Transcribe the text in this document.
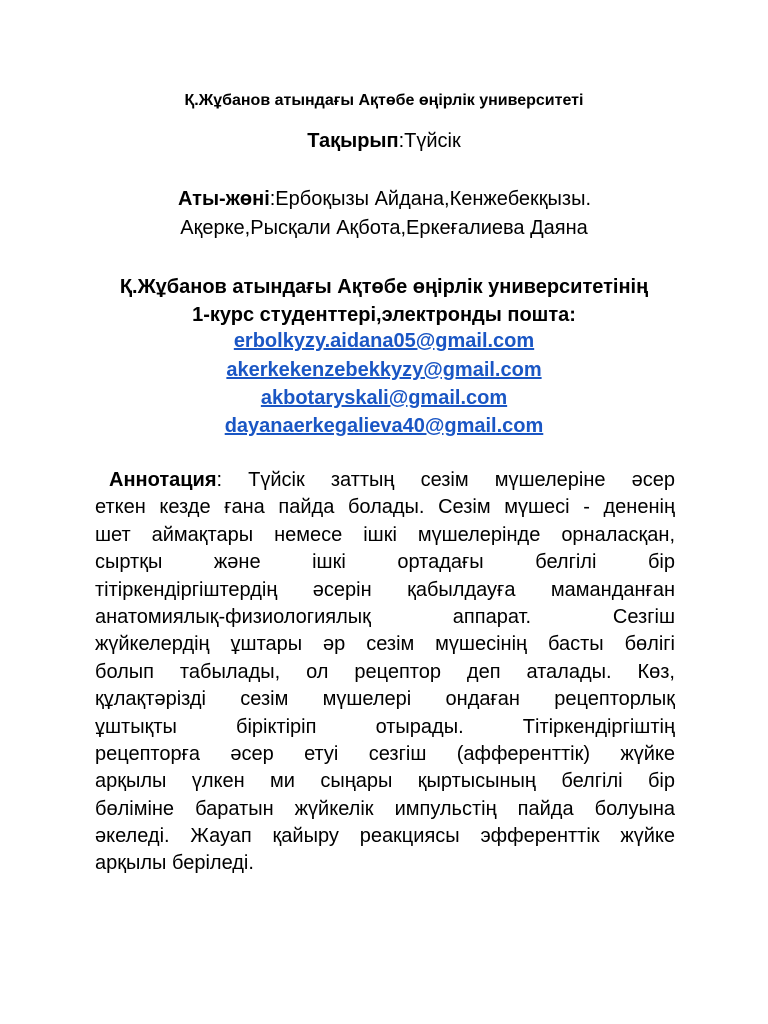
Қ.Жұбанов атындағы Ақтөбе өңірлік университеті
Тақырып:Түйсік
Аты-жөні:Ербоқызы Айдана,Кенжебекқызы.
Ақерке,Рысқали Ақбота,Еркеғалиева Даяна
Қ.Жұбанов атындағы Ақтөбе өңірлік университетінің
1-курс студенттері,электронды пошта:
erbolkyzy.aidana05@gmail.com
akerkekenzebekkyzy@gmail.com
akbotaryskali@gmail.com
dayanaerkegalieva40@gmail.com
Аннотация: Түйсік заттың сезім мүшелеріне әсер
еткен кезде ғана пайда болады. Сезім мүшесі - дененің
шет аймақтары немесе ішкі мүшелерінде орналасқан,
сыртқы және ішкі ортадағы белгілі бір
тітіркендіргіштердің әсерін қабылдауға маманданған
анатомиялық-физиологиялық аппарат. Сезгіш
жүйкелердің ұштары әр сезім мүшесінің басты бөлігі
болып табылады, ол рецептор деп аталады. Көз,
құлақтәрізді сезім мүшелері ондаған рецепторлық
ұштықты біріктіріп отырады. Тітіркендіргіштің
рецепторға әсер етуі сезгіш (афференттік) жүйке
арқылы үлкен ми сыңары қыртысының белгілі бір
бөліміне баратын жүйкелік импульстің пайда болуына
әкеледі. Жауап қайыру реакциясы эфференттік жүйке
арқылы беріледі.
